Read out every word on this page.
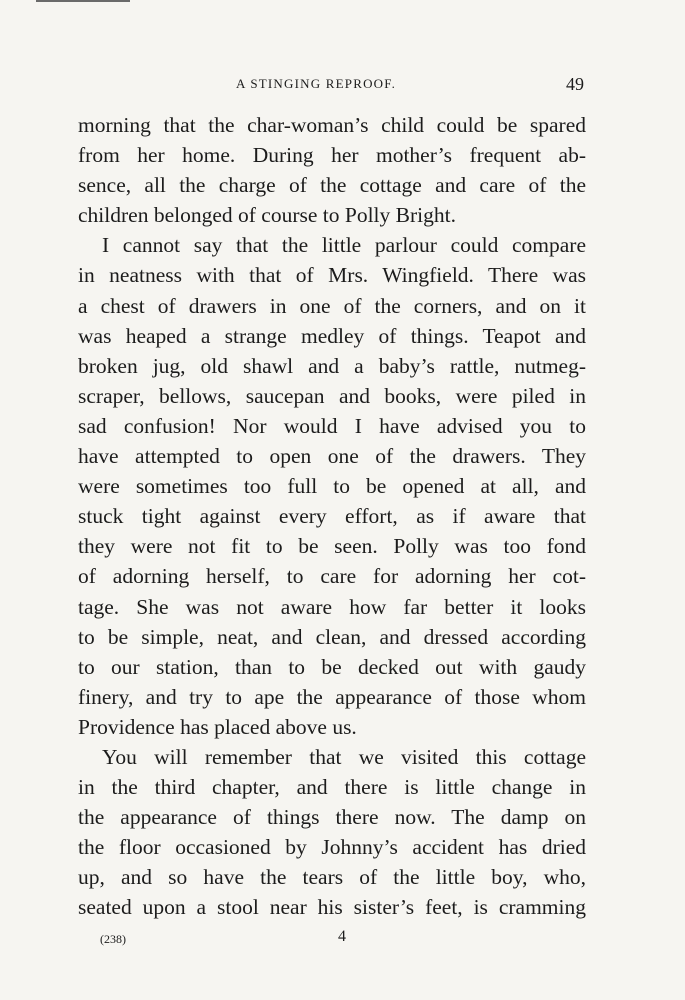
A STINGING REPROOF.	49
morning that the char-woman’s child could be spared
from her home. During her mother’s frequent ab-
sence, all the charge of the cottage and care of the
children belonged of course to Polly Bright.
I cannot say that the little parlour could compare
in neatness with that of Mrs. Wingfield. There was
a chest of drawers in one of the corners, and on it
was heaped a strange medley of things. Teapot and
broken jug, old shawl and a baby’s rattle, nutmeg-
scraper, bellows, saucepan and books, were piled in
sad confusion! Nor would I have advised you to
have attempted to open one of the drawers. They
were sometimes too full to be opened at all, and
stuck tight against every effort, as if aware that
they were not fit to be seen. Polly was too fond
of adorning herself, to care for adorning her cot-
tage. She was not aware how far better it looks
to be simple, neat, and clean, and dressed according
to our station, than to be decked out with gaudy
finery, and try to ape the appearance of those whom
Providence has placed above us.
You will remember that we visited this cottage
in the third chapter, and there is little change in
the appearance of things there now. The damp on
the floor occasioned by Johnny’s accident has dried
up, and so have the tears of the little boy, who,
seated upon a stool near his sister’s feet, is cramming
(238)	4
